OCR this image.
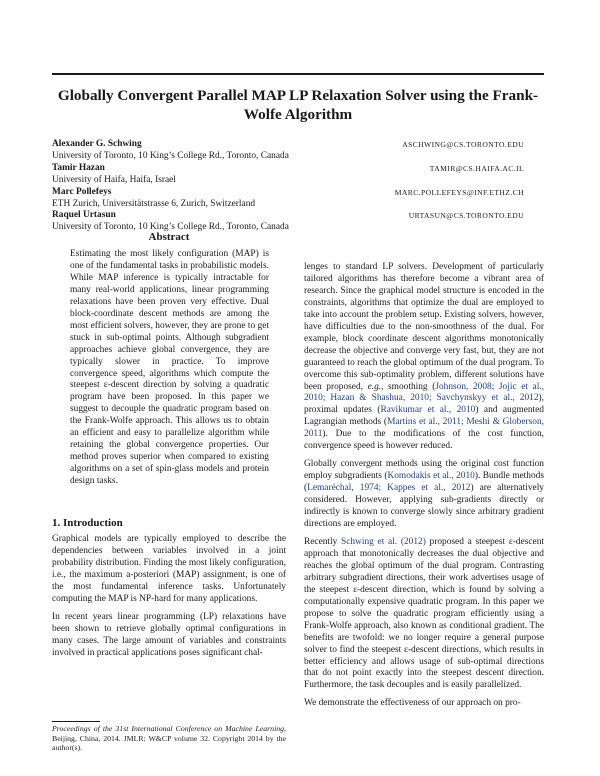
Globally Convergent Parallel MAP LP Relaxation Solver using the Frank-Wolfe Algorithm
Alexander G. Schwing
University of Toronto, 10 King’s College Rd., Toronto, Canada
ASCHWING@CS.TORONTO.EDU
Tamir Hazan
University of Haifa, Haifa, Israel
TAMIR@CS.HAIFA.AC.IL
Marc Pollefeys
ETH Zurich, Universitätstrasse 6, Zurich, Switzerland
MARC.POLLEFEYS@INF.ETHZ.CH
Raquel Urtasun
University of Toronto, 10 King’s College Rd., Toronto, Canada
URTASUN@CS.TORONTO.EDU
Abstract
Estimating the most likely configuration (MAP) is one of the fundamental tasks in probabilistic models. While MAP inference is typically intractable for many real-world applications, linear programming relaxations have been proven very effective. Dual block-coordinate descent methods are among the most efficient solvers, however, they are prone to get stuck in sub-optimal points. Although subgradient approaches achieve global convergence, they are typically slower in practice. To improve convergence speed, algorithms which compute the steepest ε-descent direction by solving a quadratic program have been proposed. In this paper we suggest to decouple the quadratic program based on the Frank-Wolfe approach. This allows us to obtain an efficient and easy to parallelize algorithm while retaining the global convergence properties. Our method proves superior when compared to existing algorithms on a set of spin-glass models and protein design tasks.
1. Introduction

Graphical models are typically employed to describe the dependencies between variables involved in a joint probability distribution. Finding the most likely configuration, i.e., the maximum a-posteriori (MAP) assignment, is one of the most fundamental inference tasks. Unfortunately computing the MAP is NP-hard for many applications.

In recent years linear programming (LP) relaxations have been shown to retrieve globally optimal configurations in many cases. The large amount of variables and constraints involved in practical applications poses significant chal-

lenges to standard LP solvers. Development of particularly tailored algorithms has therefore become a vibrant area of research. Since the graphical model structure is encoded in the constraints, algorithms that optimize the dual are employed to take into account the problem setup. Existing solvers, however, have difficulties due to the non-smoothness of the dual. For example, block coordinate descent algorithms monotonically decrease the objective and converge very fast, but, they are not guaranteed to reach the global optimum of the dual program. To overcome this sub-optimality problem, different solutions have been proposed, e.g., smoothing (Johnson, 2008; Jojic et al., 2010; Hazan & Shashua, 2010; Savchynskyy et al., 2012), proximal updates (Ravikumar et al., 2010) and augmented Lagrangian methods (Martins et al., 2011; Meshi & Globerson, 2011). Due to the modifications of the cost function, convergence speed is however reduced.

Globally convergent methods using the original cost function employ subgradients (Komodakis et al., 2010). Bundle methods (Lemaréchal, 1974; Kappes et al., 2012) are alternatively considered. However, applying sub-gradients directly or indirectly is known to converge slowly since arbitrary gradient directions are employed.

Recently Schwing et al. (2012) proposed a steepest ε-descent approach that monotonically decreases the dual objective and reaches the global optimum of the dual program. Contrasting arbitrary subgradient directions, their work advertises usage of the steepest ε-descent direction, which is found by solving a computationally expensive quadratic program. In this paper we propose to solve the quadratic program efficiently using a Frank-Wolfe approach, also known as conditional gradient. The benefits are twofold: we no longer require a general purpose solver to find the steepest ε-descent directions, which results in better efficiency and allows usage of sub-optimal directions that do not point exactly into the steepest descent direction. Furthermore, the task decouples and is easily parallelized.

We demonstrate the effectiveness of our approach on pro-

Proceedings of the 31st International Conference on Machine Learning, Beijing, China, 2014. JMLR: W&CP volume 32. Copyright 2014 by the author(s).
